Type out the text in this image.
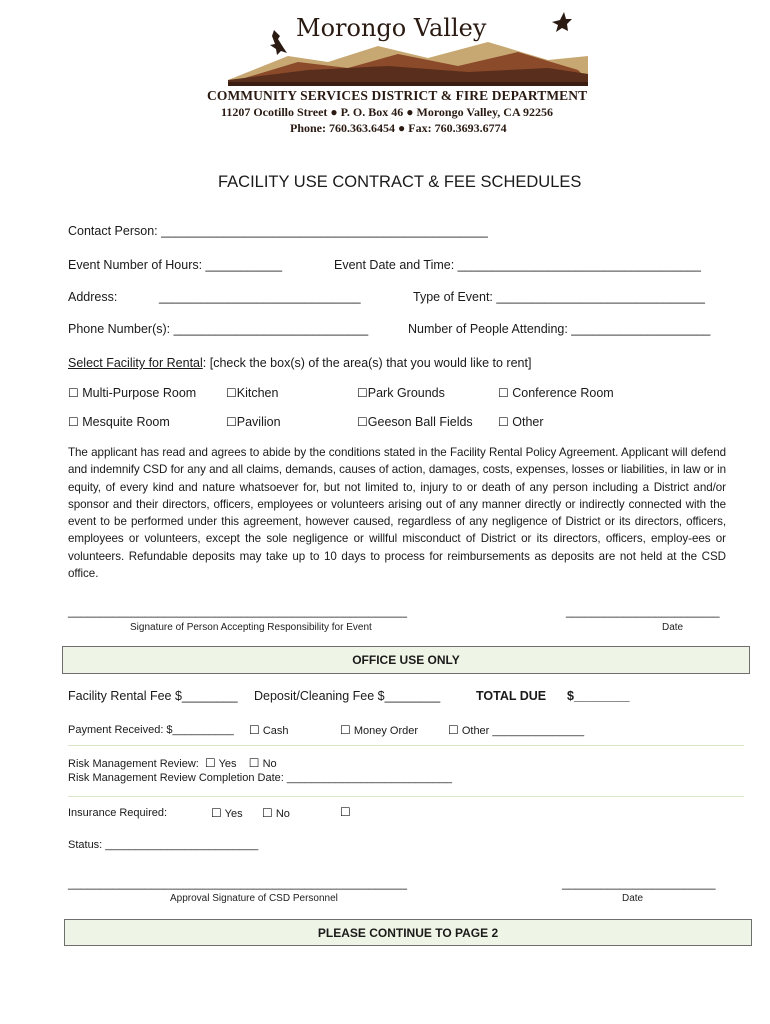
Morongo Valley
COMMUNITY SERVICES DISTRICT & FIRE DEPARTMENT
11207 Ocotillo Street ● P. O. Box 46 ● Morongo Valley, CA 92256
Phone: 760.363.6454 ● Fax: 760.3693.6774
FACILITY USE CONTRACT & FEE SCHEDULES
Contact Person: _______________________________________________
Event Number of Hours: ___________	Event Date and Time: ___________________________________
Address:	_____________________________	Type of Event: ______________________________
Phone Number(s): ____________________________	Number of People Attending: ____________________
Select Facility for Rental: [check the box(s) of the area(s) that you would like to rent]
☐ Multi-Purpose Room ☐Kitchen	☐Park Grounds	☐ Conference Room
☐ Mesquite Room	☐Pavilion	☐Geeson Ball Fields ☐ Other
The applicant has read and agrees to abide by the conditions stated in the Facility Rental Policy Agreement. Applicant will defend and indemnify CSD for any and all claims, demands, causes of action, damages, costs, expenses, losses or liabilities, in law or in equity, of every kind and nature whatsoever for, but not limited to, injury to or death of any person including a District and/or sponsor and their directors, officers, employees or volunteers arising out of any manner directly or indirectly connected with the event to be performed under this agreement, however caused, regardless of any negligence of District or its directors, officers, employees or volunteers, except the sole negligence or willful misconduct of District or its directors, officers, employ-ees or volunteers. Refundable deposits may take up to 10 days to process for reimbursements as deposits are not held at the CSD office.
_____________________________________________________	________________________
Signature of Person Accepting Responsibility for Event	Date
OFFICE USE ONLY
Facility Rental Fee $________ Deposit/Cleaning Fee $________	TOTAL DUE $________
Payment Received: $__________ ☐ Cash	☐ Money Order ☐ Other _______________
Risk Management Review: ☐ Yes ☐ No
Risk Management Review Completion Date: ___________________________
Insurance Required:	☐ Yes ☐ No	☐
Status: _________________________
_____________________________________________________	________________________
Approval Signature of CSD Personnel	Date
PLEASE CONTINUE TO PAGE 2
